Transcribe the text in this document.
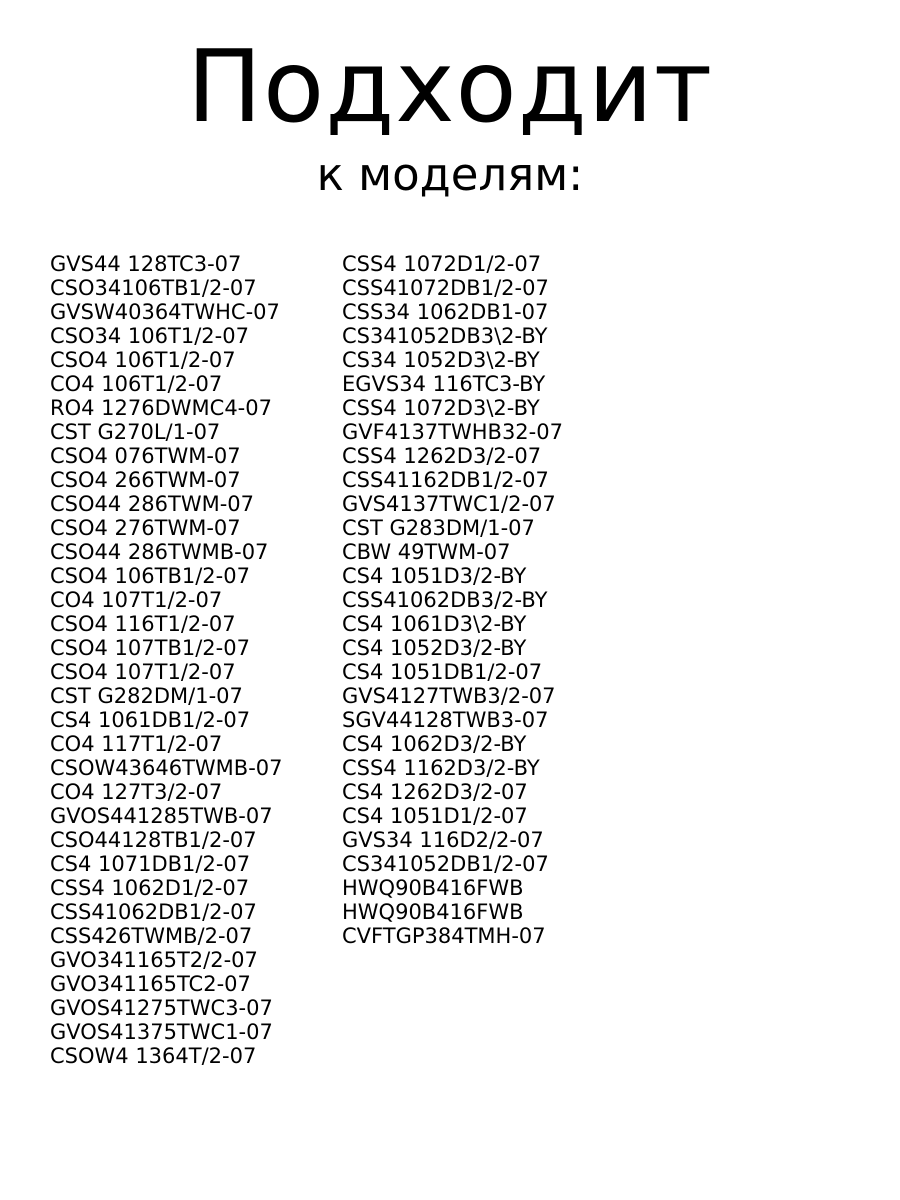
Подходит
к моделям:
GVS44 128TC3-07
CSO34106TB1/2-07
GVSW40364TWHC-07
CSO34 106T1/2-07
CSO4 106T1/2-07
CO4 106T1/2-07
RO4 1276DWMC4-07
CST G270L/1-07
CSO4 076TWM-07
CSO4 266TWM-07
CSO44 286TWM-07
CSO4 276TWM-07
CSO44 286TWMB-07
CSO4 106TB1/2-07
CO4 107T1/2-07
CSO4 116T1/2-07
CSO4 107TB1/2-07
CSO4 107T1/2-07
CST G282DM/1-07
CS4 1061DB1/2-07
CO4 117T1/2-07
CSOW43646TWMB-07
CO4 127T3/2-07
GVOS441285TWB-07
CSO44128TB1/2-07
CS4 1071DB1/2-07
CSS4 1062D1/2-07
CSS41062DB1/2-07
CSS426TWMB/2-07
GVO341165T2/2-07
GVO341165TC2-07
GVOS41275TWC3-07
GVOS41375TWC1-07
CSOW4 1364T/2-07
CSS4 1072D1/2-07
CSS41072DB1/2-07
CSS34 1062DB1-07
CS341052DB3\2-BY
CS34 1052D3\2-BY
EGVS34 116TC3-BY
CSS4 1072D3\2-BY
GVF4137TWHB32-07
CSS4 1262D3/2-07
CSS41162DB1/2-07
GVS4137TWC1/2-07
CST G283DM/1-07
CBW 49TWM-07
CS4 1051D3/2-BY
CSS41062DB3/2-BY
CS4 1061D3\2-BY
CS4 1052D3/2-BY
CS4 1051DB1/2-07
GVS4127TWB3/2-07
SGV44128TWB3-07
CS4 1062D3/2-BY
CSS4 1162D3/2-BY
CS4 1262D3/2-07
CS4 1051D1/2-07
GVS34 116D2/2-07
CS341052DB1/2-07
HWQ90B416FWB
HWQ90B416FWB
CVFTGP384TMH-07
